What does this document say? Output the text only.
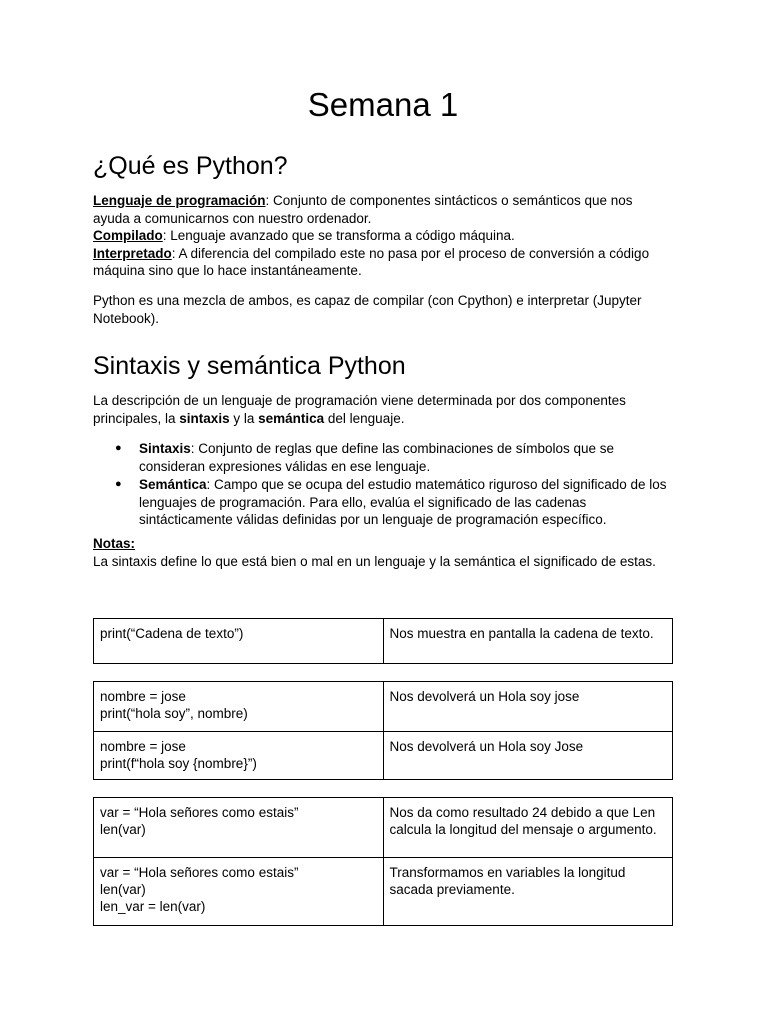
Semana 1
¿Qué es Python?

Lenguaje de programación: Conjunto de componentes sintácticos o semánticos que nos ayuda a comunicarnos con nuestro ordenador.
Compilado: Lenguaje avanzado que se transforma a código máquina.
Interpretado: A diferencia del compilado este no pasa por el proceso de conversión a código máquina sino que lo hace instantáneamente.

Python es una mezcla de ambos, es capaz de compilar (con Cpython) e interpretar (Jupyter Notebook).

Sintaxis y semántica Python

La descripción de un lenguaje de programación viene determinada por dos componentes principales, la sintaxis y la semántica del lenguaje.

● Sintaxis: Conjunto de reglas que define las combinaciones de símbolos que se consideran expresiones válidas en ese lenguaje.
● Semántica: Campo que se ocupa del estudio matemático riguroso del significado de los lenguajes de programación. Para ello, evalúa el significado de las cadenas sintácticamente válidas definidas por un lenguaje de programación específico.

Notas:
La sintaxis define lo que está bien o mal en un lenguaje y la semántica el significado de estas.

print(“Cadena de texto”)	Nos muestra en pantalla la cadena de texto.
nombre = jose
print(“hola soy”, nombre)	Nos devolverá un Hola soy jose

nombre = jose
print(f“hola soy {nombre}”)	Nos devolverá un Hola soy Jose
var = “Hola señores como estais”
len(var)	Nos da como resultado 24 debido a que Len calcula la longitud del mensaje o argumento.

var = “Hola señores como estais”
len(var)
len_var = len(var)	Transformamos en variables la longitud sacada previamente.
